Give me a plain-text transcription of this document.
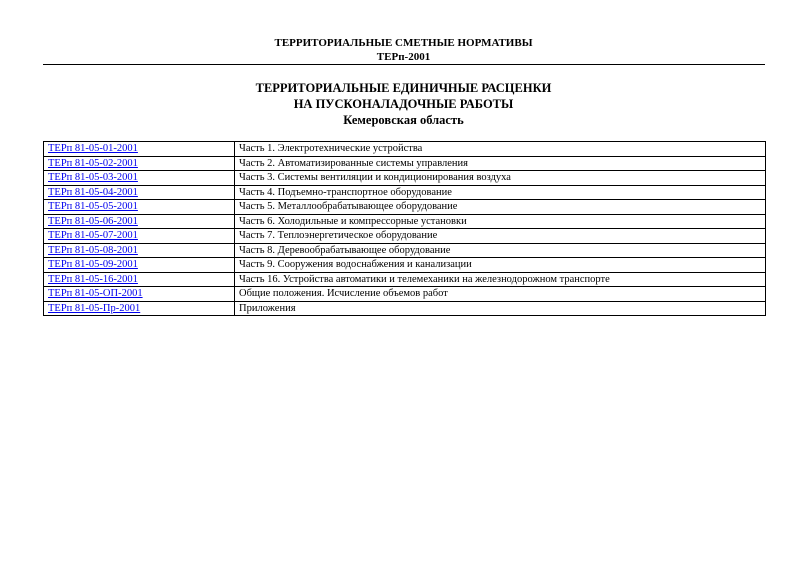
ТЕРРИТОРИАЛЬНЫЕ СМЕТНЫЕ НОРМАТИВЫ
ТЕРп-2001
ТЕРРИТОРИАЛЬНЫЕ ЕДИНИЧНЫЕ РАСЦЕНКИ
НА ПУСКОНАЛАДОЧНЫЕ РАБОТЫ
Кемеровская область
ТЕРп 81-05-01-2001	Часть 1. Электротехнические устройства
ТЕРп 81-05-02-2001	Часть 2. Автоматизированные системы управления
ТЕРп 81-05-03-2001	Часть 3. Системы вентиляции и кондиционирования воздуха
ТЕРп 81-05-04-2001	Часть 4. Подъемно-транспортное оборудование
ТЕРп 81-05-05-2001	Часть 5. Металлообрабатывающее оборудование
ТЕРп 81-05-06-2001	Часть 6. Холодильные и компрессорные установки
ТЕРп 81-05-07-2001	Часть 7. Теплоэнергетическое оборудование
ТЕРп 81-05-08-2001	Часть 8. Деревообрабатывающее оборудование
ТЕРп 81-05-09-2001	Часть 9. Сооружения водоснабжения и канализации
ТЕРп 81-05-16-2001	Часть 16. Устройства автоматики и телемеханики на железнодорожном транспорте
ТЕРп 81-05-ОП-2001	Общие положения. Исчисление объемов работ
ТЕРп 81-05-Пр-2001	Приложения
